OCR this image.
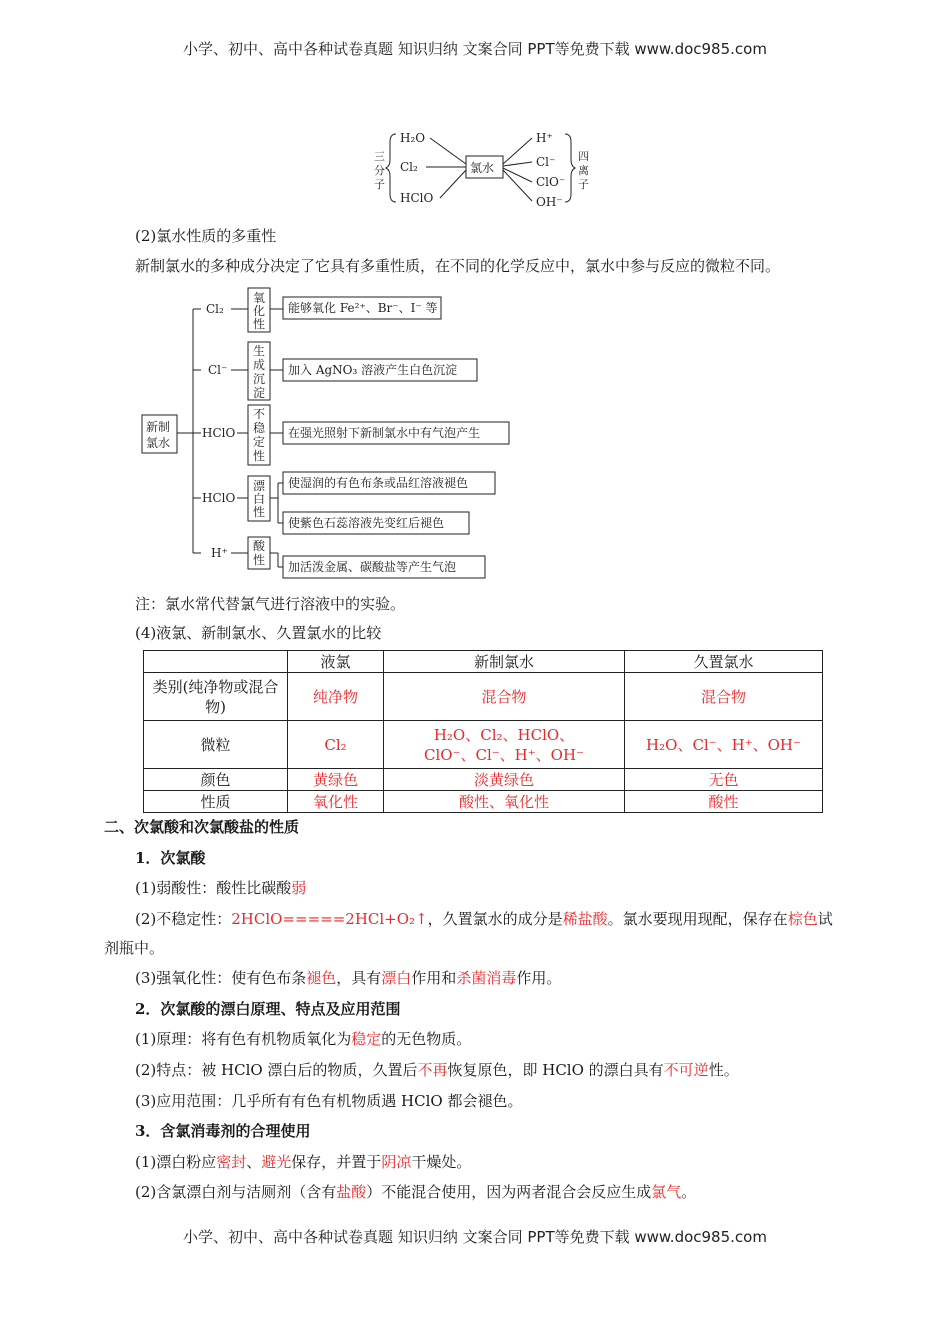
小学、初中、高中各种试卷真题 知识归纳 文案合同 PPT等免费下载 www.doc985.com
三
分
子
H₂O
Cl₂
HClO
氯水
H⁺
Cl⁻
ClO⁻
OH⁻
四
离
子
(2)氯水性质的多重性
新制氯水的多种成分决定了它具有多重性质，在不同的化学反应中，氯水中参与反应的微粒不同。
新制
氯水
Cl₂
Cl⁻
HClO
HClO
H⁺
氧
化
性
生
成
沉
淀
不
稳
定
性
漂
白
性
酸
性
能够氧化 Fe²⁺、Br⁻、I⁻ 等
加入 AgNO₃ 溶液产生白色沉淀
在强光照射下新制氯水中有气泡产生
使湿润的有色布条或品红溶液褪色
使紫色石蕊溶液先变红后褪色
加活泼金属、碳酸盐等产生气泡
注：氯水常代替氯气进行溶液中的实验。
(4)液氯、新制氯水、久置氯水的比较
	液氯	新制氯水	久置氯水
类别(纯净物或混合物)	纯净物	混合物	混合物
微粒	Cl₂	H₂O、Cl₂、HClO、ClO⁻、Cl⁻、H⁺、OH⁻	H₂O、Cl⁻、H⁺、OH⁻
颜色	黄绿色	淡黄绿色	无色
性质	氧化性	酸性、氧化性	酸性
二、次氯酸和次氯酸盐的性质
1．次氯酸
(1)弱酸性：酸性比碳酸弱
(2)不稳定性：2HClO=====2HCl+O₂↑，久置氯水的成分是稀盐酸。氯水要现用现配，保存在棕色试
剂瓶中。
(3)强氧化性：使有色布条褪色，具有漂白作用和杀菌消毒作用。
2．次氯酸的漂白原理、特点及应用范围
(1)原理：将有色有机物质氧化为稳定的无色物质。
(2)特点：被 HClO 漂白后的物质，久置后不再恢复原色，即 HClO 的漂白具有不可逆性。
(3)应用范围：几乎所有有色有机物质遇 HClO 都会褪色。
3．含氯消毒剂的合理使用
(1)漂白粉应密封、避光保存，并置于阴凉干燥处。
(2)含氯漂白剂与洁厕剂（含有盐酸）不能混合使用，因为两者混合会反应生成氯气。
小学、初中、高中各种试卷真题 知识归纳 文案合同 PPT等免费下载 www.doc985.com
